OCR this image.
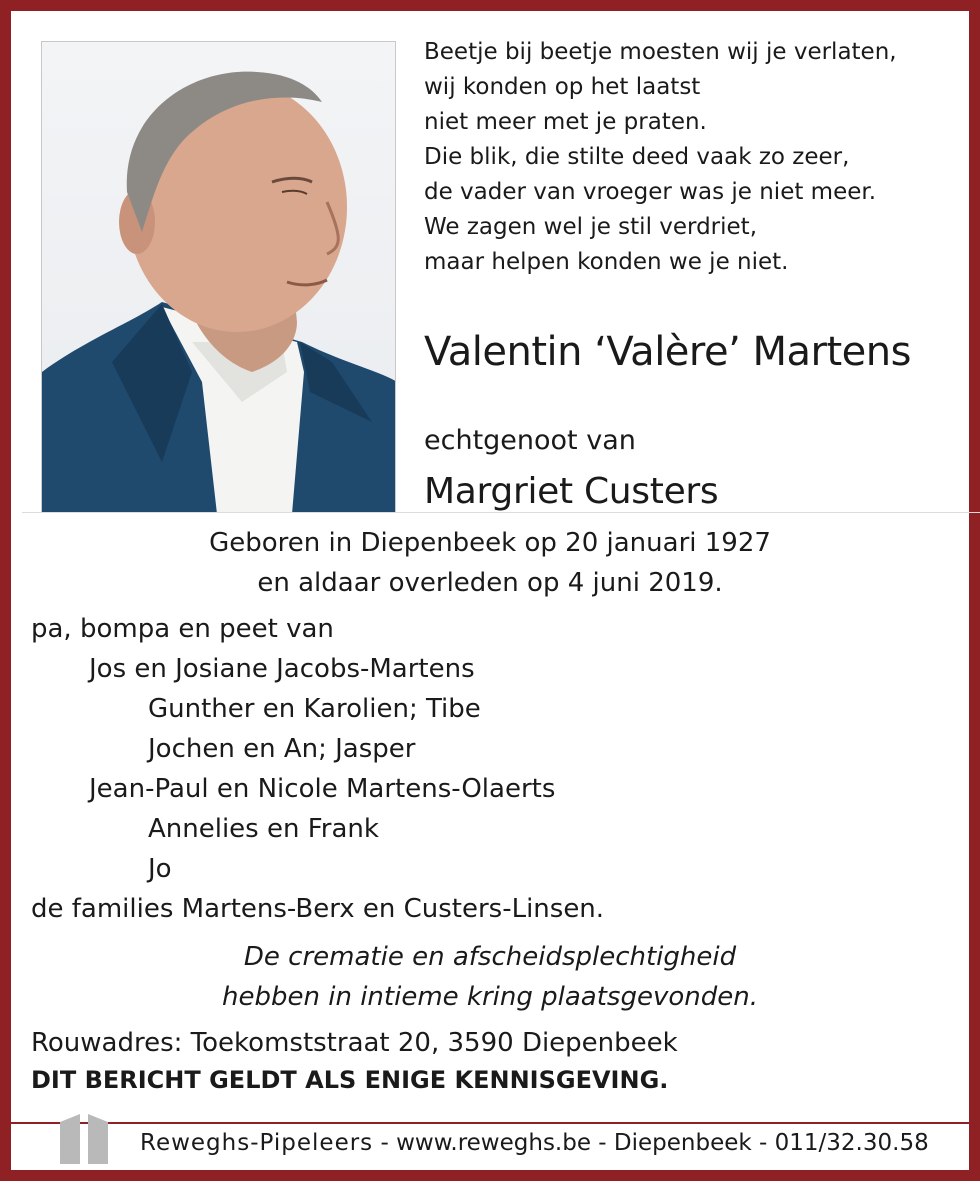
Beetje bij beetje moesten wij je verlaten,
wij konden op het laatst
niet meer met je praten.
Die blik, die stilte deed vaak zo zeer,
de vader van vroeger was je niet meer.
We zagen wel je stil verdriet,
maar helpen konden we je niet.
Valentin ‘Valère’ Martens
echtgenoot van
Margriet Custers
Geboren in Diepenbeek op 20 januari 1927
en aldaar overleden op 4 juni 2019.
pa, bompa en peet van
Jos en Josiane Jacobs-Martens
Gunther en Karolien; Tibe
Jochen en An; Jasper
Jean-Paul en Nicole Martens-Olaerts
Annelies en Frank
Jo
de families Martens-Berx en Custers-Linsen.
De crematie en afscheidsplechtigheid
hebben in intieme kring plaatsgevonden.
Rouwadres: Toekomststraat 20, 3590 Diepenbeek
DIT BERICHT GELDT ALS ENIGE KENNISGEVING.
Reweghs-Pipeleers - www.reweghs.be - Diepenbeek - 011/32.30.58
